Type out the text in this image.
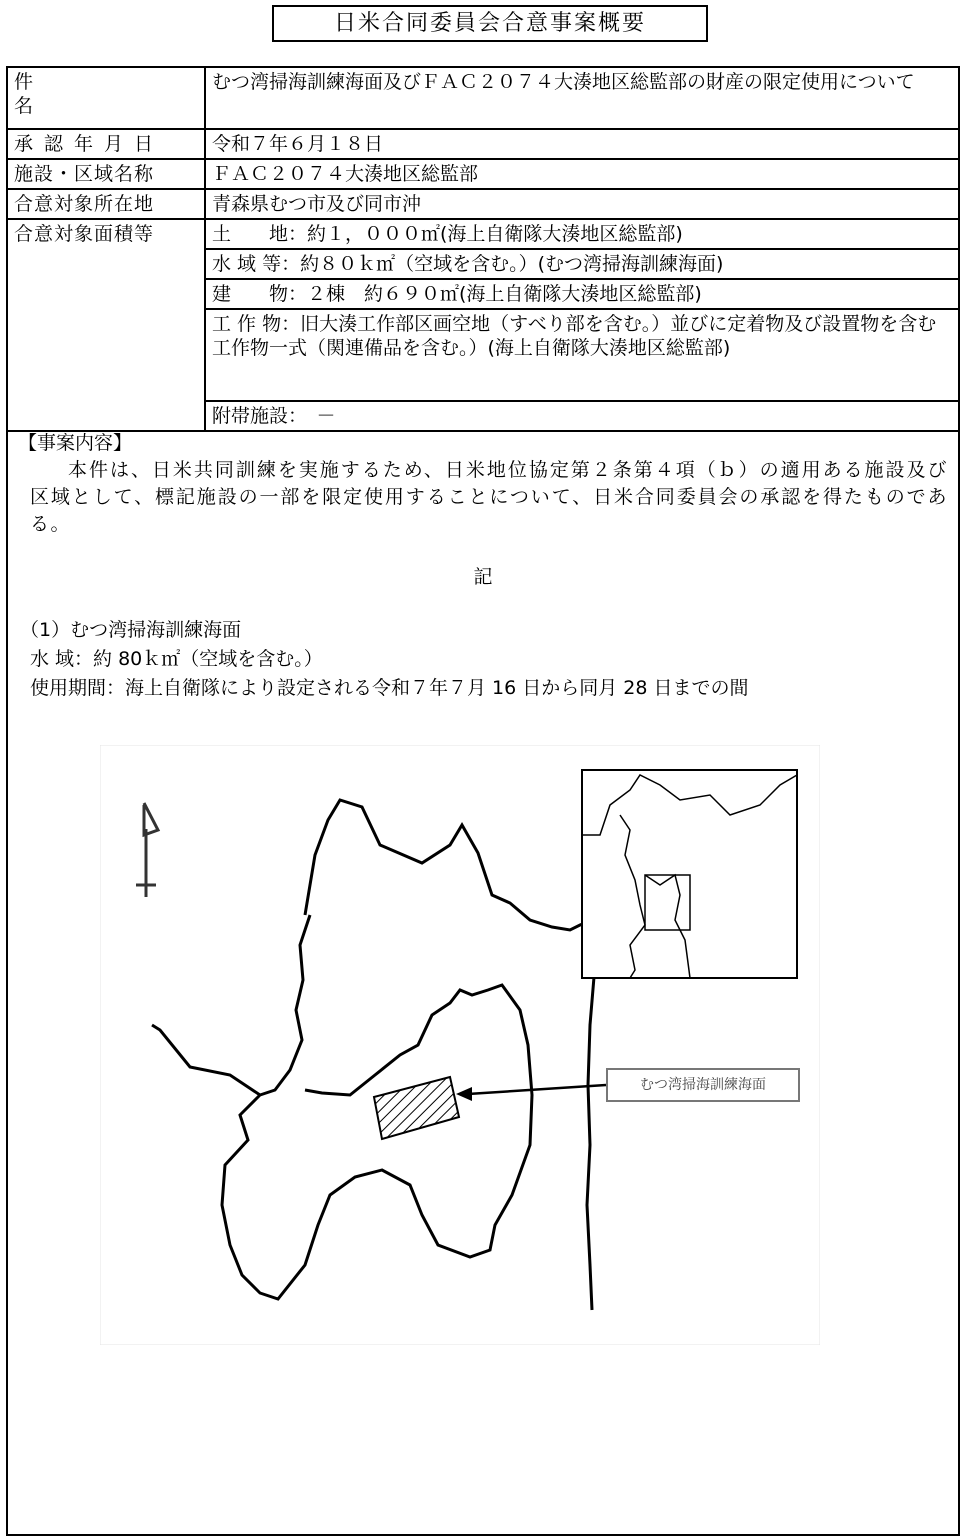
日米合同委員会合意事案概要
件名	むつ湾掃海訓練海面及びＦＡＣ２０７４大湊地区総監部の財産の限定使用について
承認年月日	令和７年６月１８日
施設・区域名称	ＦＡＣ２０７４大湊地区総監部
合意対象所在地	青森県むつ市及び同市沖
合意対象面積等	土　　地：約１，０００㎡(海上自衛隊大湊地区総監部)
	水 域 等：約８０ｋ㎡（空域を含む。）(むつ湾掃海訓練海面)
	建　　物：２棟　約６９０㎡(海上自衛隊大湊地区総監部)
	工 作 物：旧大湊工作部区画空地（すべり部を含む。）並びに定着物及び設置物を含む工作物一式（関連備品を含む。）(海上自衛隊大湊地区総監部)
	附帯施設：　－
【事案内容】
本件は、日米共同訓練を実施するため、日米地位協定第２条第４項（ｂ）の適用ある施設及び区域として、標記施設の一部を限定使用することについて、日米合同委員会の承認を得たものである。
記
（1）むつ湾掃海訓練海面
水 域：約 80ｋ㎡（空域を含む。）
使用期間：海上自衛隊により設定される令和７年７月 16 日から同月 28 日までの間
むつ湾掃海訓練海面
